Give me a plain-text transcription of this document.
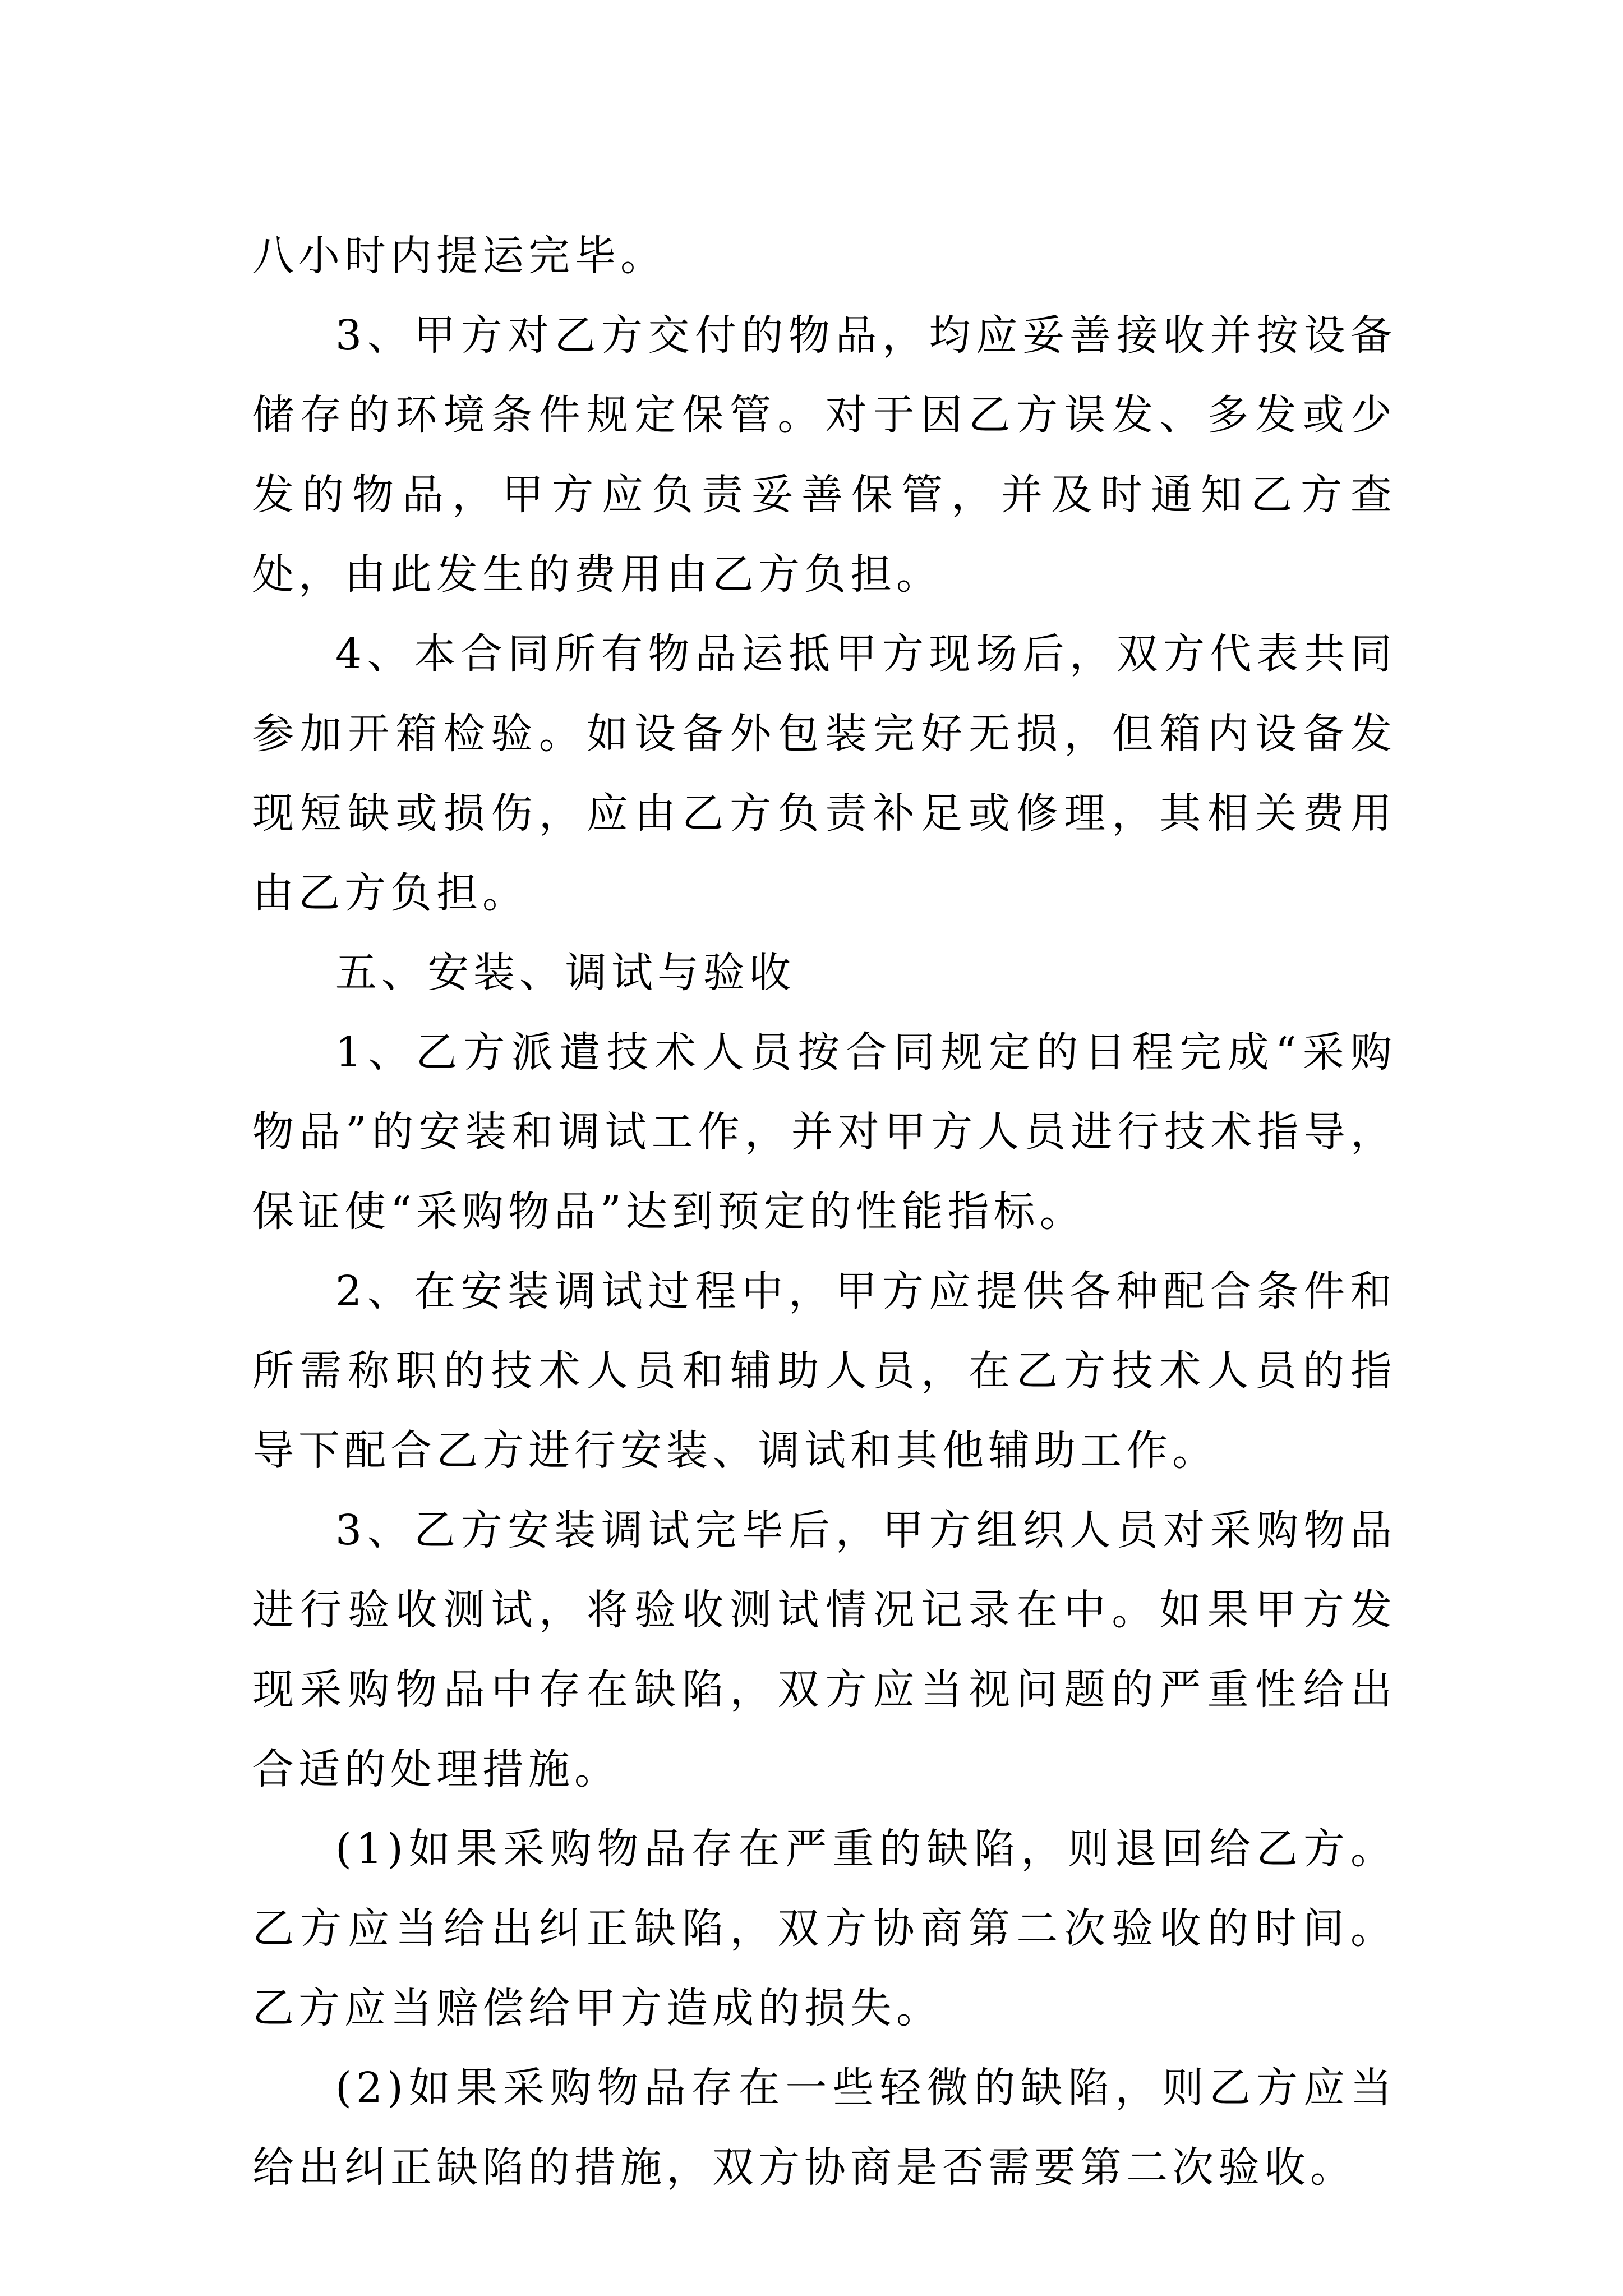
八小时内提运完毕。

3、甲方对乙方交付的物品，均应妥善接收并按设备储存的环境条件规定保管。对于因乙方误发、多发或少发的物品，甲方应负责妥善保管，并及时通知乙方查处，由此发生的费用由乙方负担。

4、本合同所有物品运抵甲方现场后，双方代表共同参加开箱检验。如设备外包装完好无损，但箱内设备发现短缺或损伤，应由乙方负责补足或修理，其相关费用由乙方负担。

五、安装、调试与验收

1、乙方派遣技术人员按合同规定的日程完成“采购物品”的安装和调试工作，并对甲方人员进行技术指导，保证使“采购物品”达到预定的性能指标。

2、在安装调试过程中，甲方应提供各种配合条件和所需称职的技术人员和辅助人员，在乙方技术人员的指导下配合乙方进行安装、调试和其他辅助工作。

3、乙方安装调试完毕后，甲方组织人员对采购物品进行验收测试，将验收测试情况记录在中。如果甲方发现采购物品中存在缺陷，双方应当视问题的严重性给出合适的处理措施。

(1)如果采购物品存在严重的缺陷，则退回给乙方。乙方应当给出纠正缺陷，双方协商第二次验收的时间。乙方应当赔偿给甲方造成的损失。

(2)如果采购物品存在一些轻微的缺陷，则乙方应当给出纠正缺陷的措施，双方协商是否需要第二次验收。
